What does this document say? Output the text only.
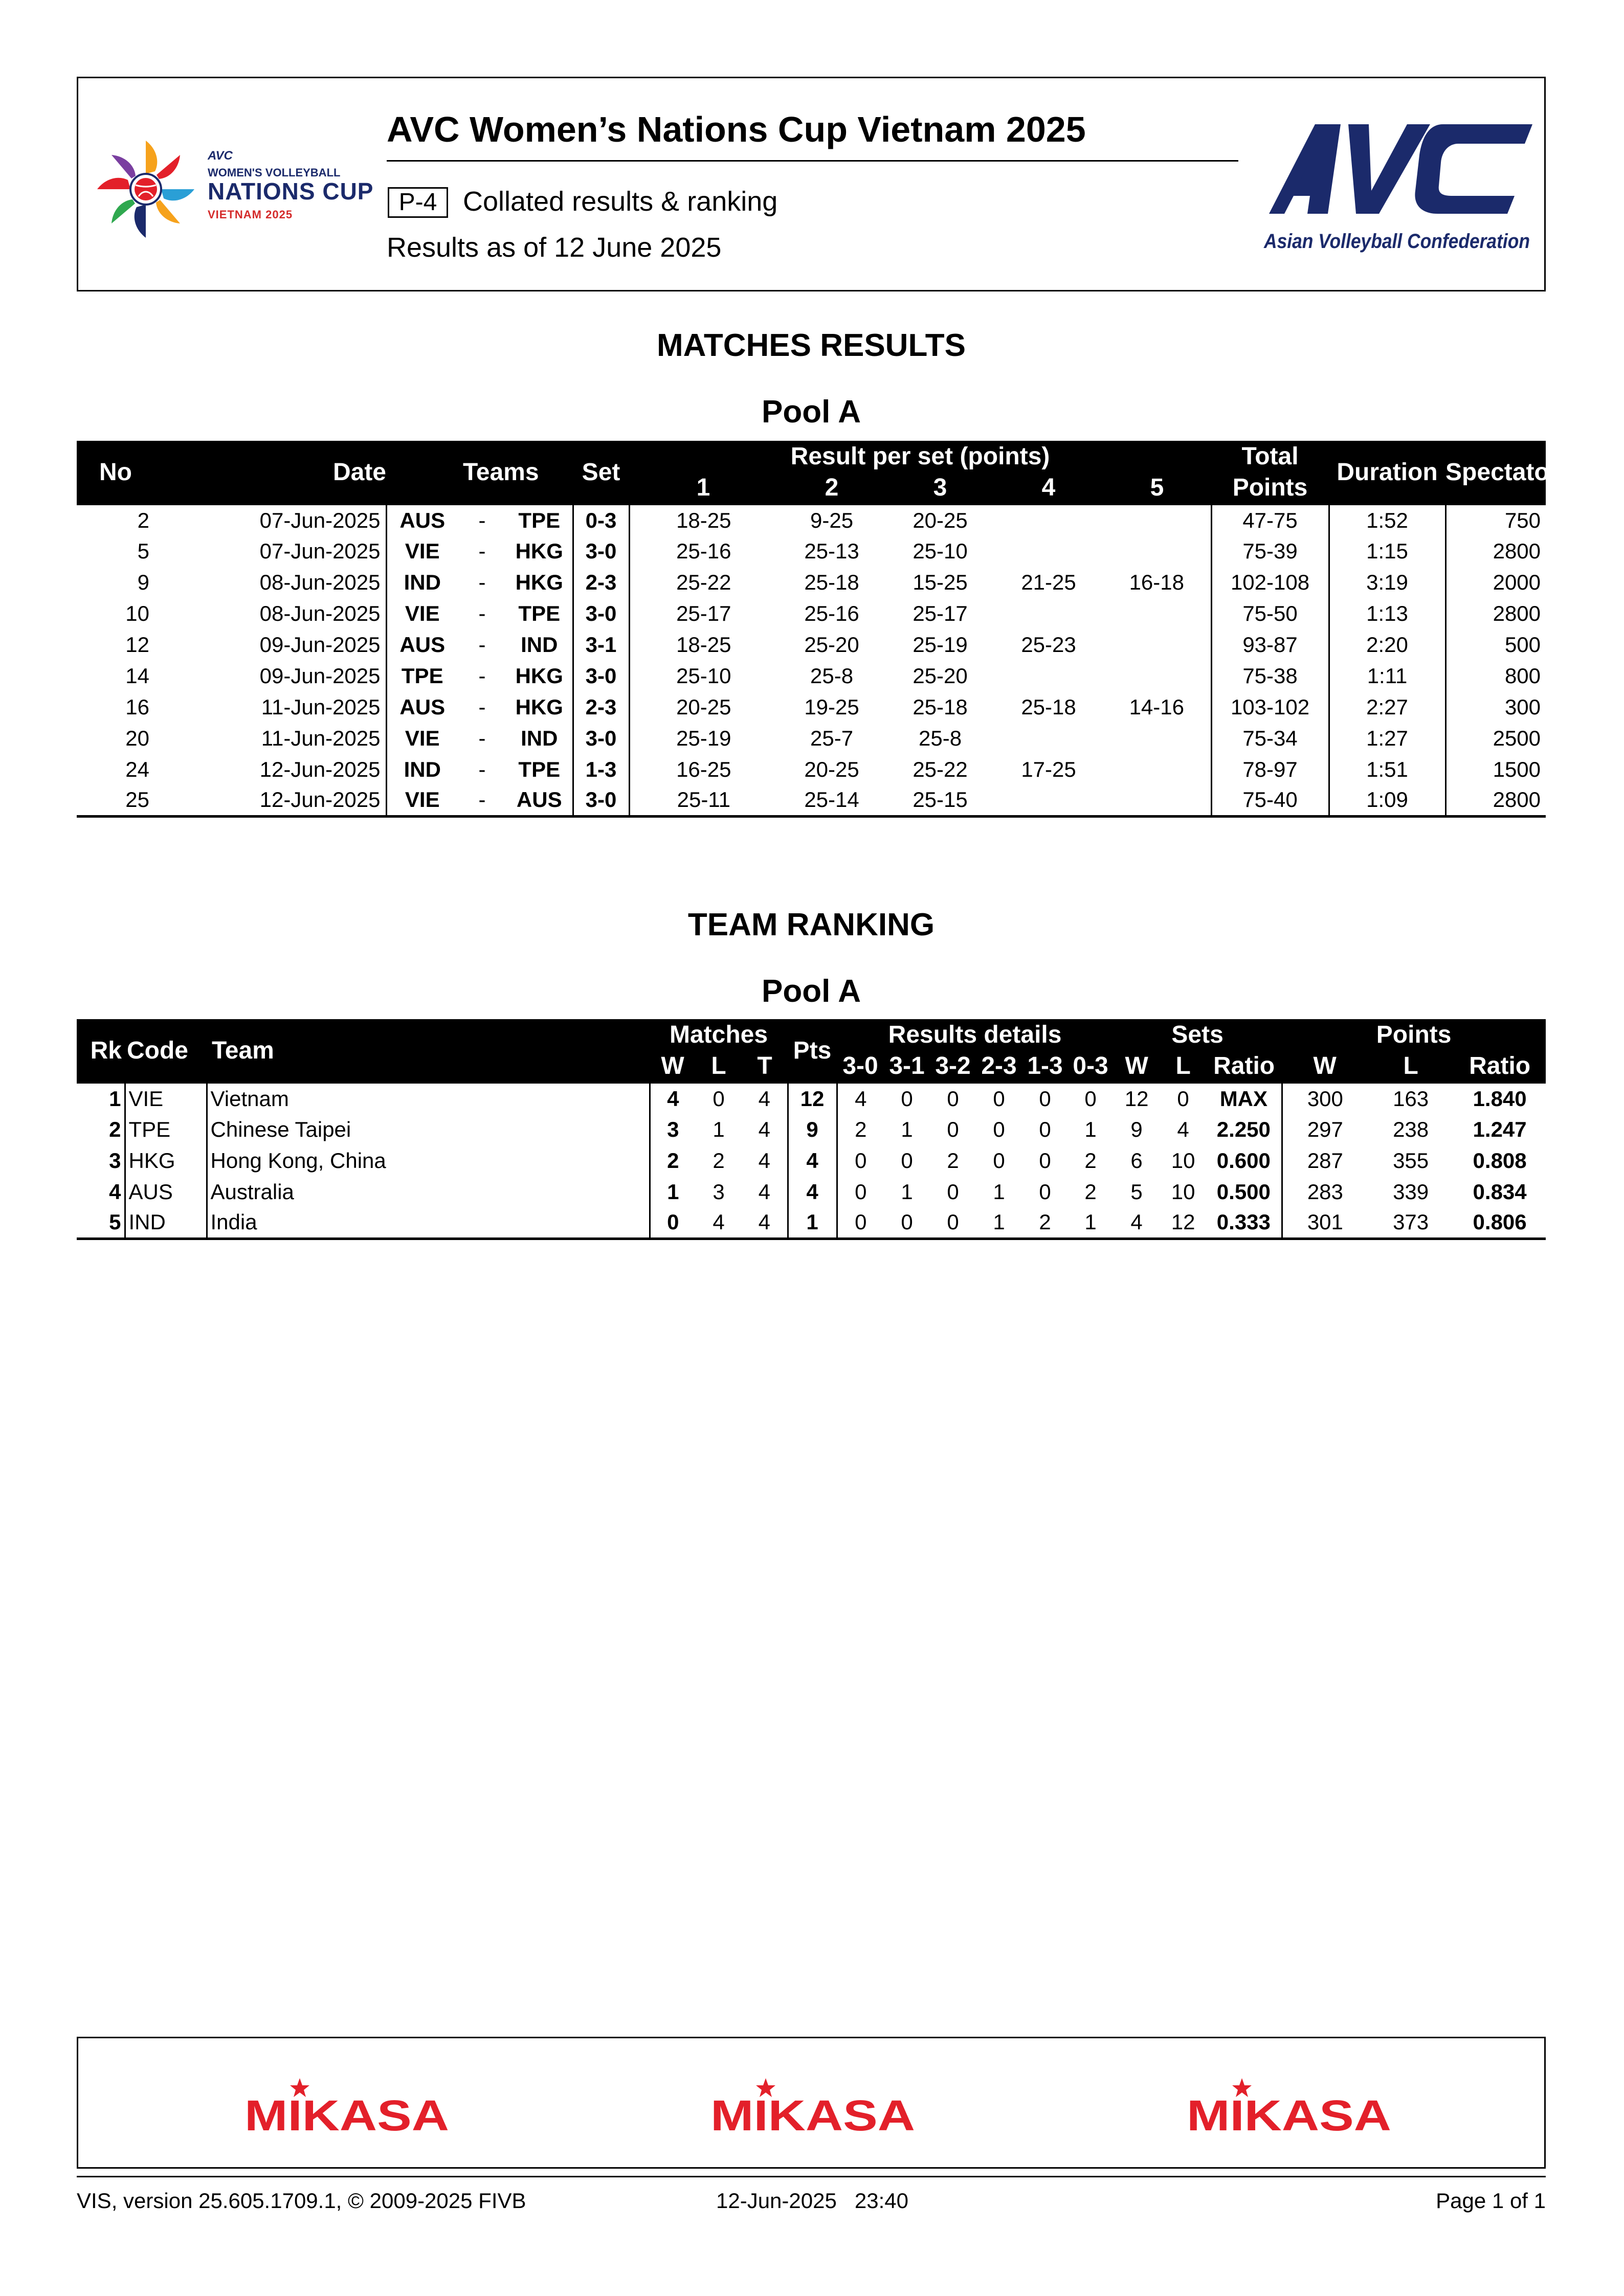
AVC
WOMEN'S VOLLEYBALL
NATIONS CUP
VIETNAM 2025
AVC Women’s Nations Cup Vietnam 2025
P-4 Collated results & ranking
Results as of 12 June 2025	Asian Volleyball Confederation
MATCHES RESULTS
Pool A
No	Date	Teams			Set	Result per set (points)					Total	Duration	Spectators
						1	2	3	4	5	Points		
2	07-Jun-2025	AUS	-	TPE	0-3	18-25	9-25	20-25			47-75	1:52	750
5	07-Jun-2025	VIE	-	HKG	3-0	25-16	25-13	25-10			75-39	1:15	2800
9	08-Jun-2025	IND	-	HKG	2-3	25-22	25-18	15-25	21-25	16-18	102-108	3:19	2000
10	08-Jun-2025	VIE	-	TPE	3-0	25-17	25-16	25-17			75-50	1:13	2800
12	09-Jun-2025	AUS	-	IND	3-1	18-25	25-20	25-19	25-23		93-87	2:20	500
14	09-Jun-2025	TPE	-	HKG	3-0	25-10	25-8	25-20			75-38	1:11	800
16	11-Jun-2025	AUS	-	HKG	2-3	20-25	19-25	25-18	25-18	14-16	103-102	2:27	300
20	11-Jun-2025	VIE	-	IND	3-0	25-19	25-7	25-8			75-34	1:27	2500
24	12-Jun-2025	IND	-	TPE	1-3	16-25	20-25	25-22	17-25		78-97	1:51	1500
25	12-Jun-2025	VIE	-	AUS	3-0	25-11	25-14	25-15			75-40	1:09	2800
TEAM RANKING
Pool A
Rk	Code	Team	Matches			Pts	Results details						Sets			Points		
			W	L	T		3-0	3-1	3-2	2-3	1-3	0-3	W	L	Ratio	W	L	Ratio
1	VIE	Vietnam	4	0	4	12	4	0	0	0	0	0	12	0	MAX	300	163	1.840
2	TPE	Chinese Taipei	3	1	4	9	2	1	0	0	0	1	9	4	2.250	297	238	1.247
3	HKG	Hong Kong, China	2	2	4	4	0	0	2	0	0	2	6	10	0.600	287	355	0.808
4	AUS	Australia	1	3	4	4	0	1	0	1	0	2	5	10	0.500	283	339	0.834
5	IND	India	0	4	4	1	0	0	0	1	2	1	4	12	0.333	301	373	0.806
MIKASA	MIKASA	MIKASA
VIS, version 25.605.1709.1, © 2009-2025 FIVB	12-Jun-2025   23:40	Page 1 of 1
